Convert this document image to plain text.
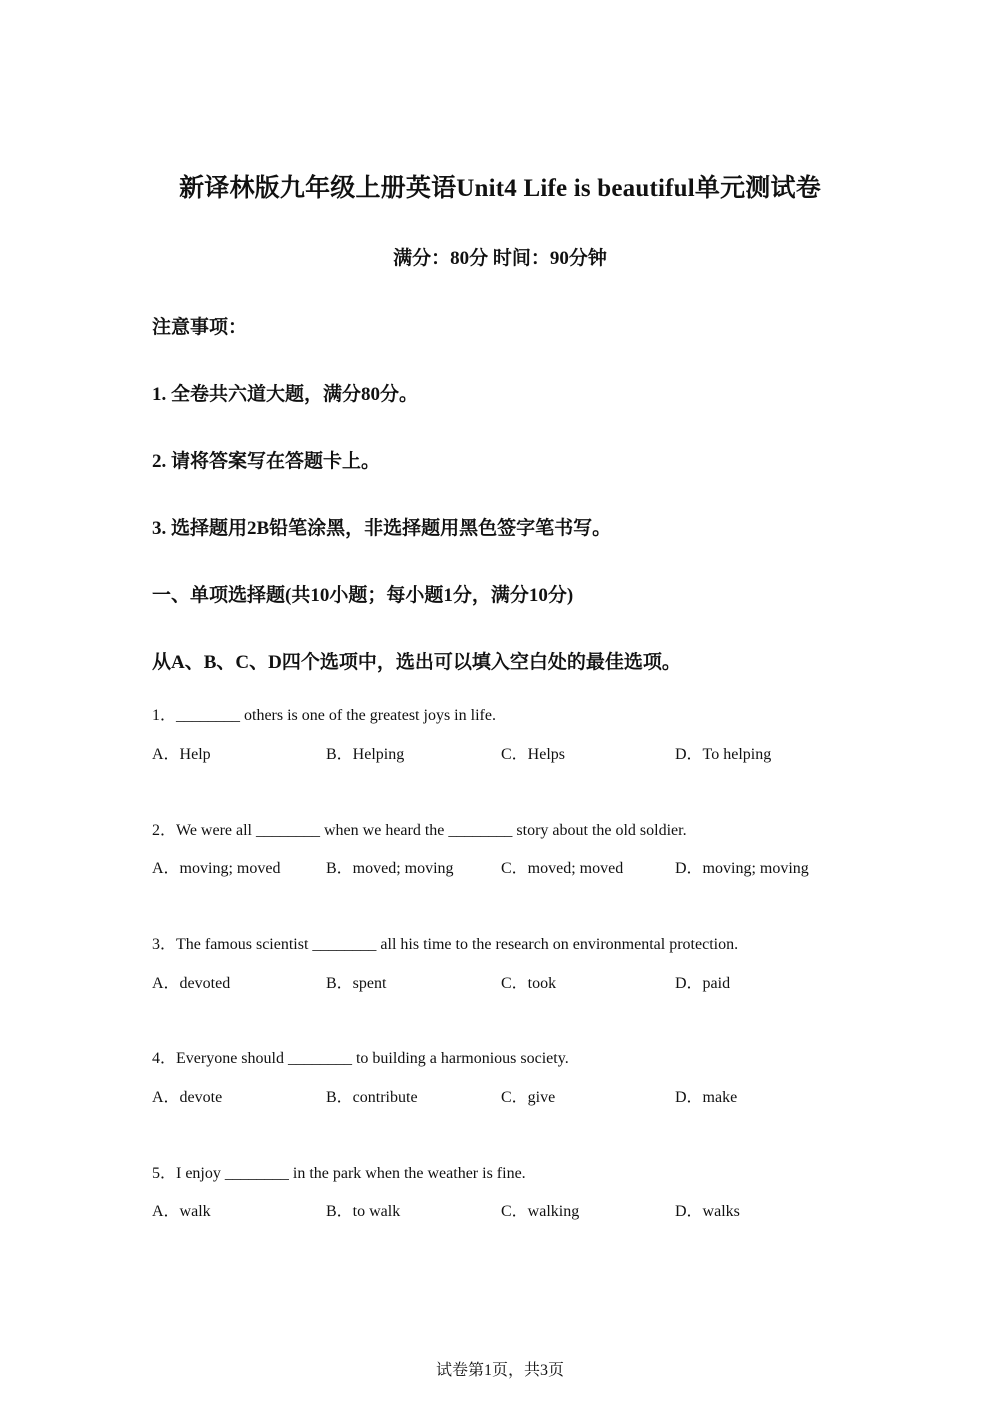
新译林版九年级上册英语Unit4 Life is beautiful单元测试卷
满分：80分 时间：90分钟
注意事项：
1. 全卷共六道大题，满分80分。
2. 请将答案写在答题卡上。
3. 选择题用2B铅笔涂黑，非选择题用黑色签字笔书写。
一、单项选择题(共10小题；每小题1分，满分10分)
从A、B、C、D四个选项中，选出可以填入空白处的最佳选项。
1．________ others is one of the greatest joys in life.
A．Help	B．Helping	C．Helps	D．To helping
2．We were all ________ when we heard the ________ story about the old soldier.
A．moving; moved	B．moved; moving	C．moved; moved	D．moving; moving
3．The famous scientist ________ all his time to the research on environmental protection.
A．devoted	B．spent	C．took	D．paid
4．Everyone should ________ to building a harmonious society.
A．devote	B．contribute	C．give	D．make
5．I enjoy ________ in the park when the weather is fine.
A．walk	B．to walk	C．walking	D．walks
试卷第1页，共3页
